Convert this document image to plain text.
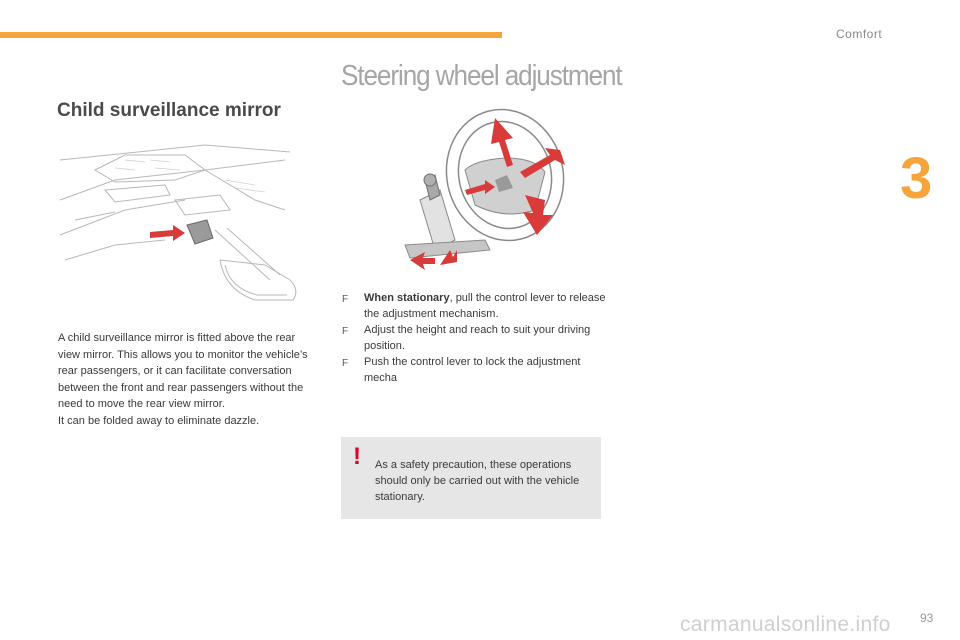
Comfort
3
Child surveillance mirror
Steering wheel adjustment

A child surveillance mirror is fitted above the rear view mirror. This allows you to monitor the vehicle’s rear passengers, or it can facilitate conversation between the front and rear passengers without the need to move the rear view mirror.

It can be folded away to eliminate dazzle.

F When stationary, pull the control lever to release the adjustment mechanism.
F Adjust the height and reach to suit your driving position.
F Push the control lever to lock the adjustment mecha
! As a safety precaution, these operations should only be carried out with the vehicle stationary.
carmanualsonline.info 93
